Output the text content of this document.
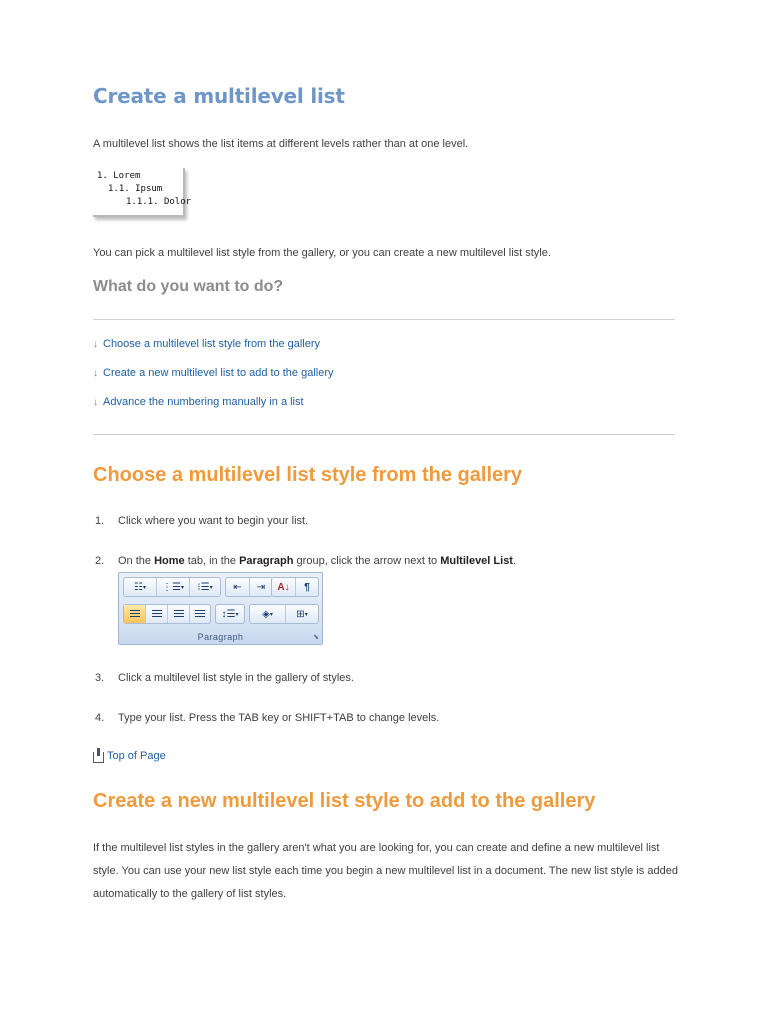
Create a multilevel list

A multilevel list shows the list items at different levels rather than at one level.

1. Lorem
1.1. Ipsum
1.1.1. Dolor

You can pick a multilevel list style from the gallery, or you can create a new multilevel list style.

What do you want to do?
↓ Choose a multilevel list style from the gallery
↓ Create a new multilevel list to add to the gallery
↓ Advance the numbering manually in a list
Choose a multilevel list style from the gallery
1. Click where you want to begin your list.
2. On the Home tab, in the Paragraph group, click the arrow next to Multilevel List.
☷ ▾	⋮☰ ▾	⁝☰ ▾	⇤	⇥	A↓	¶
↕☰ ▾	◈ ▾	⊞ ▾
Paragraph	⬊
3. Click a multilevel list style in the gallery of styles.
4. Type your list. Press the TAB key or SHIFT+TAB to change levels.
Top of Page
Create a new multilevel list style to add to the gallery

If the multilevel list styles in the gallery aren't what you are looking for, you can create and define a new multilevel list style. You can use your new list style each time you begin a new multilevel list in a document. The new list style is added automatically to the gallery of list styles.
